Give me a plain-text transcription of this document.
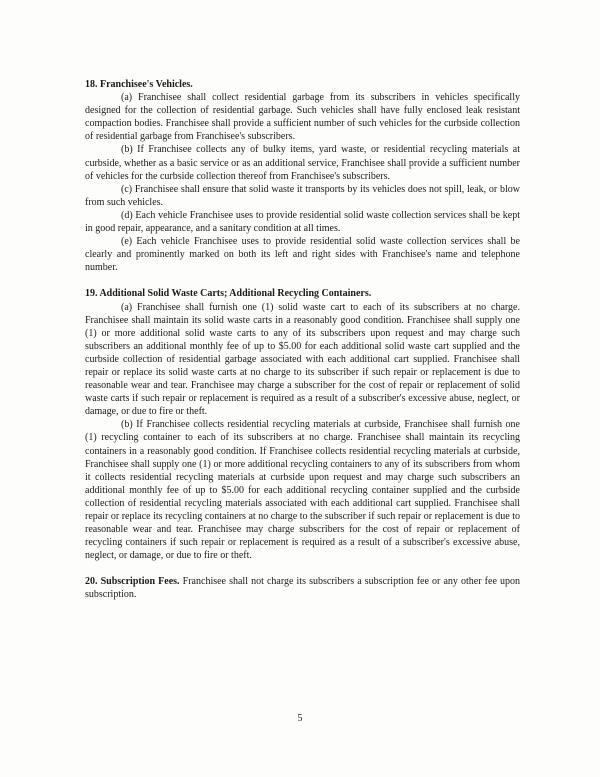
18. Franchisee's Vehicles.

(a) Franchisee shall collect residential garbage from its subscribers in vehicles specifically designed for the collection of residential garbage. Such vehicles shall have fully enclosed leak resistant compaction bodies. Franchisee shall provide a sufficient number of such vehicles for the curbside collection of residential garbage from Franchisee's subscribers.

(b) If Franchisee collects any of bulky items, yard waste, or residential recycling materials at curbside, whether as a basic service or as an additional service, Franchisee shall provide a sufficient number of vehicles for the curbside collection thereof from Franchisee's subscribers.

(c) Franchisee shall ensure that solid waste it transports by its vehicles does not spill, leak, or blow from such vehicles.

(d) Each vehicle Franchisee uses to provide residential solid waste collection services shall be kept in good repair, appearance, and a sanitary condition at all times.

(e) Each vehicle Franchisee uses to provide residential solid waste collection services shall be clearly and prominently marked on both its left and right sides with Franchisee's name and telephone number.

19. Additional Solid Waste Carts; Additional Recycling Containers.

(a) Franchisee shall furnish one (1) solid waste cart to each of its subscribers at no charge. Franchisee shall maintain its solid waste carts in a reasonably good condition. Franchisee shall supply one (1) or more additional solid waste carts to any of its subscribers upon request and may charge such subscribers an additional monthly fee of up to $5.00 for each additional solid waste cart supplied and the curbside collection of residential garbage associated with each additional cart supplied. Franchisee shall repair or replace its solid waste carts at no charge to its subscriber if such repair or replacement is due to reasonable wear and tear. Franchisee may charge a subscriber for the cost of repair or replacement of solid waste carts if such repair or replacement is required as a result of a subscriber's excessive abuse, neglect, or damage, or due to fire or theft.

(b) If Franchisee collects residential recycling materials at curbside, Franchisee shall furnish one (1) recycling container to each of its subscribers at no charge. Franchisee shall maintain its recycling containers in a reasonably good condition. If Franchisee collects residential recycling materials at curbside, Franchisee shall supply one (1) or more additional recycling containers to any of its subscribers from whom it collects residential recycling materials at curbside upon request and may charge such subscribers an additional monthly fee of up to $5.00 for each additional recycling container supplied and the curbside collection of residential recycling materials associated with each additional cart supplied. Franchisee shall repair or replace its recycling containers at no charge to the subscriber if such repair or replacement is due to reasonable wear and tear. Franchisee may charge subscribers for the cost of repair or replacement of recycling containers if such repair or replacement is required as a result of a subscriber's excessive abuse, neglect, or damage, or due to fire or theft.

20. Subscription Fees. Franchisee shall not charge its subscribers a subscription fee or any other fee upon subscription.

5
